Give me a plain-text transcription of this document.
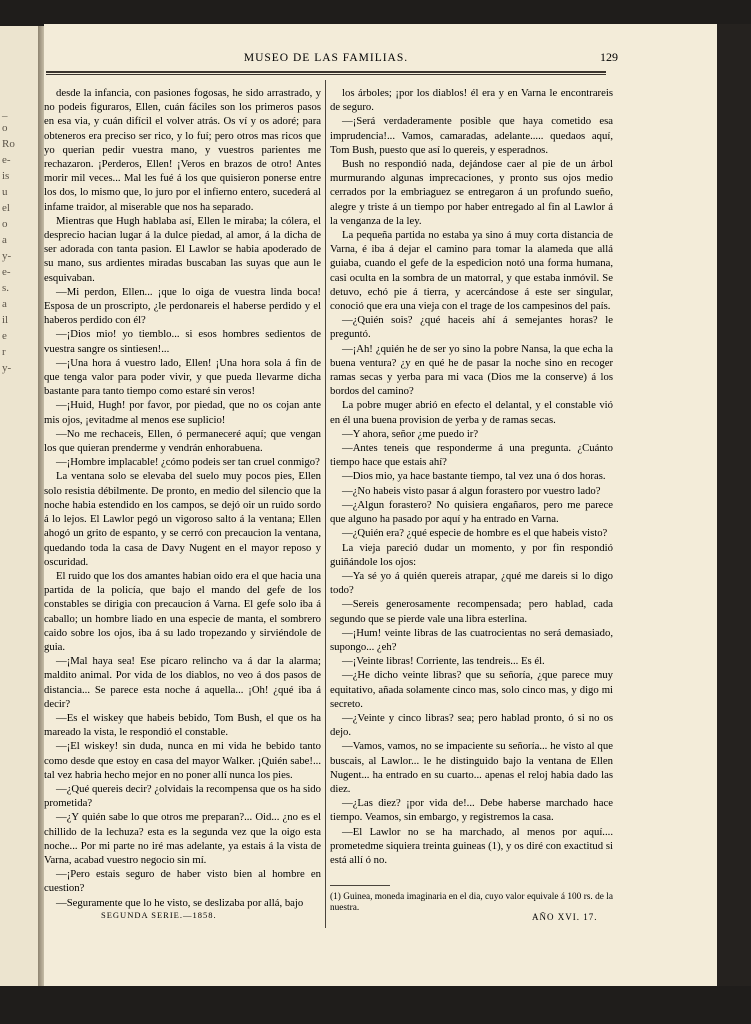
_
o
Ro
e-
is
u
el
o
a
y-
e-
s.
a
il
e
r
y-
MUSEO DE LAS FAMILIAS.	129

desde la infancia, con pasiones fogosas, he sido arrastrado, y no podeis figuraros, Ellen, cuán fáciles son los primeros pasos en esa via, y cuán difícil el volver atrás. Os ví y os adoré; para obteneros era preciso ser rico, y lo fuí; pero otros mas ricos que yo querian pedir vuestra mano, y vuestros parientes me rechazaron. ¡Perderos, Ellen! ¡Veros en brazos de otro! Antes morir mil veces... Mal les fué á los que quisieron ponerse entre los dos, lo mismo que, lo juro por el infierno entero, sucederá al infame traidor, al miserable que nos ha separado.

Mientras que Hugh hablaba así, Ellen le miraba; la cólera, el desprecio hacian lugar á la dulce piedad, al amor, á la dicha de ser adorada con tanta pasion. El Lawlor se habia apoderado de su mano, sus ardientes miradas buscaban las suyas que aun le esquivaban.

—Mi perdon, Ellen... ¡que lo oiga de vuestra linda boca! Esposa de un proscripto, ¿le perdonareis el haberse perdido y el haberos perdido con él?

—¡Dios mio! yo tiemblo... si esos hombres sedientos de vuestra sangre os sintiesen!...

—¡Una hora á vuestro lado, Ellen! ¡Una hora sola á fin de que tenga valor para poder vivir, y que pueda llevarme dicha bastante para tanto tiempo como estaré sin veros!

—¡Huid, Hugh! por favor, por piedad, que no os cojan ante mis ojos, ¡evitadme al menos ese suplicio!

—No me rechaceis, Ellen, ó permaneceré aquí; que vengan los que quieran prenderme y vendrán enhorabuena.

—¡Hombre implacable! ¿cómo podeis ser tan cruel conmigo?

La ventana solo se elevaba del suelo muy pocos pies, Ellen solo resistia débilmente. De pronto, en medio del silencio que la noche habia estendido en los campos, se dejó oir un ruido sordo á lo lejos. El Lawlor pegó un vigoroso salto á la ventana; Ellen ahogó un grito de espanto, y se cerró con precaucion la ventana, quedando toda la casa de Davy Nugent en el mayor reposo y oscuridad.

El ruido que los dos amantes habian oido era el que hacia una partida de la policía, que bajo el mando del gefe de los constables se dirigia con precaucion á Varna. El gefe solo iba á caballo; un hombre liado en una especie de manta, el sombrero caido sobre los ojos, iba á su lado tropezando y sirviéndole de guia.

—¡Mal haya sea! Ese pícaro relincho va á dar la alarma; maldito animal. Por vida de los diablos, no veo á dos pasos de distancia... Se parece esta noche á aquella... ¡Oh! ¿qué iba á decir?

—Es el wiskey que habeis bebido, Tom Bush, el que os ha mareado la vista, le respondió el constable.

—¡El wiskey! sin duda, nunca en mi vida he bebido tanto como desde que estoy en casa del mayor Walker. ¡Quién sabe!... tal vez habria hecho mejor en no poner allí nunca los pies.

—¿Qué quereis decir? ¿olvidais la recompensa que os ha sido prometida?

—¿Y quién sabe lo que otros me preparan?... Oid... ¿no es el chillido de la lechuza? esta es la segunda vez que la oigo esta noche... Por mi parte no iré mas adelante, ya estais á la vista de Varna, acabad vuestro negocio sin mí.

—¡Pero estais seguro de haber visto bien al hombre en cuestion?

—Seguramente que lo he visto, se deslizaba por allá, bajo

los árboles; ¡por los diablos! él era y en Varna le encontrareis de seguro.

—¡Será verdaderamente posible que haya cometido esa imprudencia!... Vamos, camaradas, adelante..... quedaos aquí, Tom Bush, puesto que así lo quereis, y esperadnos.

Bush no respondió nada, dejándose caer al pie de un árbol murmurando algunas imprecaciones, y pronto sus ojos medio cerrados por la embriaguez se entregaron á un profundo sueño, alegre y triste á un tiempo por haber entregado al fin al Lawlor á la venganza de la ley.

La pequeña partida no estaba ya sino á muy corta distancia de Varna, é iba á dejar el camino para tomar la alameda que allá guiaba, cuando el gefe de la espedicion notó una forma humana, casi oculta en la sombra de un matorral, y que estaba inmóvil. Se detuvo, echó pie á tierra, y acercándose á este ser singular, conoció que era una vieja con el trage de los campesinos del país.

—¿Quién sois? ¿qué haceis ahí á semejantes horas? le preguntó.

—¡Ah! ¿quién he de ser yo sino la pobre Nansa, la que echa la buena ventura? ¿y en qué he de pasar la noche sino en recoger ramas secas y yerba para mi vaca (Dios me la conserve) á los bordos del camino?

La pobre muger abrió en efecto el delantal, y el constable vió en él una buena provision de yerba y de ramas secas.

—Y ahora, señor ¿me puedo ir?

—Antes teneis que responderme á una pregunta. ¿Cuánto tiempo hace que estais ahí?

—Dios mio, ya hace bastante tiempo, tal vez una ó dos horas.

—¿No habeis visto pasar á algun forastero por vuestro lado?

—¿Algun forastero? No quisiera engañaros, pero me parece que alguno ha pasado por aquí y ha entrado en Varna.

—¿Quién era? ¿qué especie de hombre es el que habeis visto?

La vieja pareció dudar un momento, y por fin respondió guiñándole los ojos:

—Ya sé yo á quién quereis atrapar, ¿qué me dareis si lo digo todo?

—Sereis generosamente recompensada; pero hablad, cada segundo que se pierde vale una libra esterlina.

—¡Hum! veinte libras de las cuatrocientas no será demasiado, supongo... ¿eh?

—¡Veinte libras! Corriente, las tendreis... Es él.

—¿He dicho veinte libras? que su señoría, ¿que parece muy equitativo, añada solamente cinco mas, solo cinco mas, y digo mi secreto.

—¿Veinte y cinco libras? sea; pero hablad pronto, ó si no os dejo.

—Vamos, vamos, no se impaciente su señoría... he visto al que buscais, al Lawlor... le he distinguido bajo la ventana de Ellen Nugent... ha entrado en su cuarto... apenas el reloj habia dado las diez.

—¿Las diez? ¡por vida de!... Debe haberse marchado hace tiempo. Veamos, sin embargo, y registremos la casa.

—El Lawlor no se ha marchado, al menos por aquí.... prometedme siquiera treinta guineas (1), y os diré con exactitud si está allí ó no.

SEGUNDA SERIE.—1858.
(1) Guinea, moneda imaginaria en el dia, cuyo valor equivale á 100 rs. de la nuestra.
AÑO XVI. 17.
